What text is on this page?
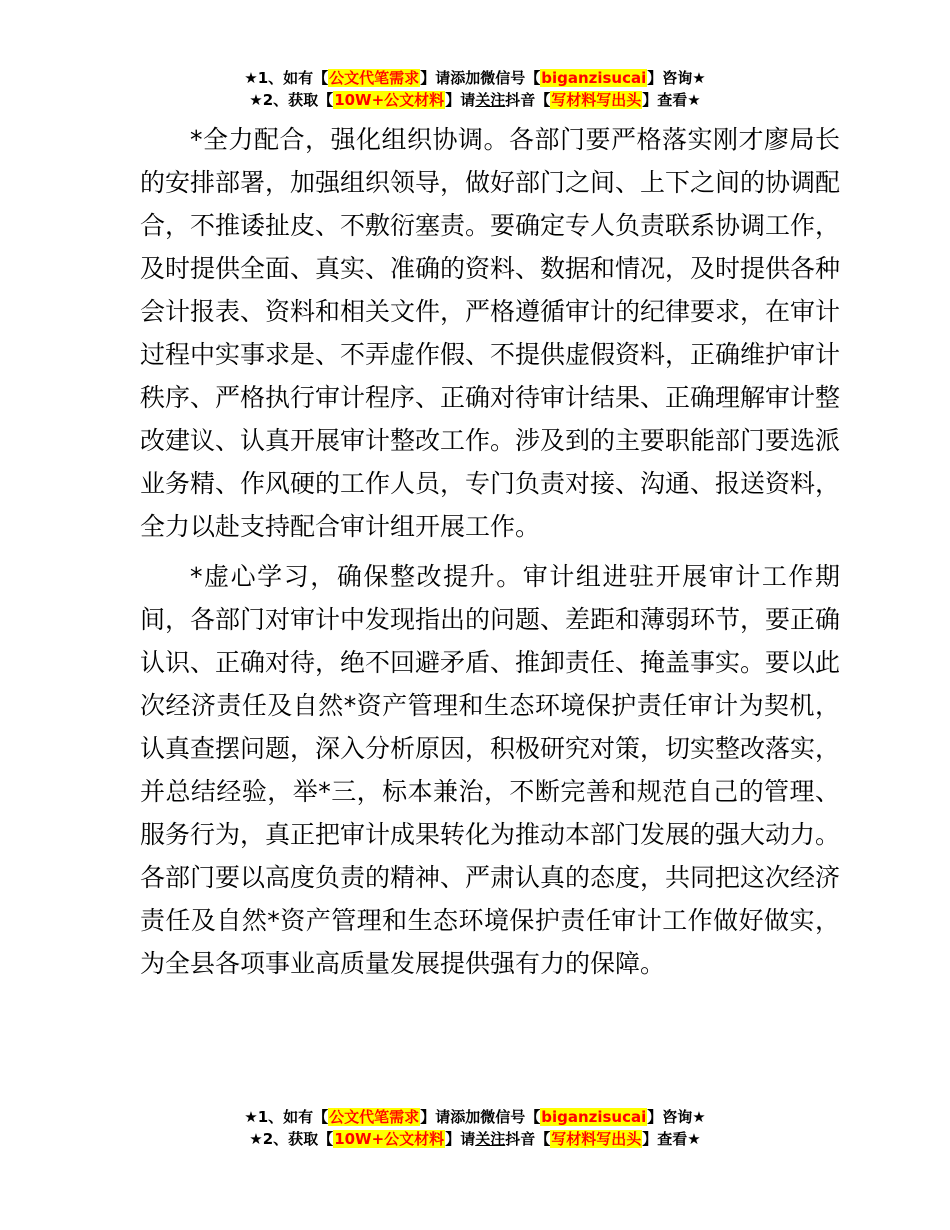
★1、如有【公文代笔需求】请添加微信号【biganzisucai】咨询★
★2、获取【10W+公文材料】请关注抖音【写材料写出头】查看★

*全力配合，强化组织协调。各部门要严格落实刚才廖局长的安排部署，加强组织领导，做好部门之间、上下之间的协调配合，不推诿扯皮、不敷衍塞责。要确定专人负责联系协调工作，及时提供全面、真实、准确的资料、数据和情况，及时提供各种会计报表、资料和相关文件，严格遵循审计的纪律要求，在审计过程中实事求是、不弄虚作假、不提供虚假资料，正确维护审计秩序、严格执行审计程序、正确对待审计结果、正确理解审计整改建议、认真开展审计整改工作。涉及到的主要职能部门要选派业务精、作风硬的工作人员，专门负责对接、沟通、报送资料，全力以赴支持配合审计组开展工作。

*虚心学习，确保整改提升。审计组进驻开展审计工作期间，各部门对审计中发现指出的问题、差距和薄弱环节，要正确认识、正确对待，绝不回避矛盾、推卸责任、掩盖事实。要以此次经济责任及自然*资产管理和生态环境保护责任审计为契机，认真查摆问题，深入分析原因，积极研究对策，切实整改落实，并总结经验，举*三，标本兼治，不断完善和规范自己的管理、服务行为，真正把审计成果转化为推动本部门发展的强大动力。各部门要以高度负责的精神、严肃认真的态度，共同把这次经济责任及自然*资产管理和生态环境保护责任审计工作做好做实，为全县各项事业高质量发展提供强有力的保障。

★1、如有【公文代笔需求】请添加微信号【biganzisucai】咨询★
★2、获取【10W+公文材料】请关注抖音【写材料写出头】查看★
